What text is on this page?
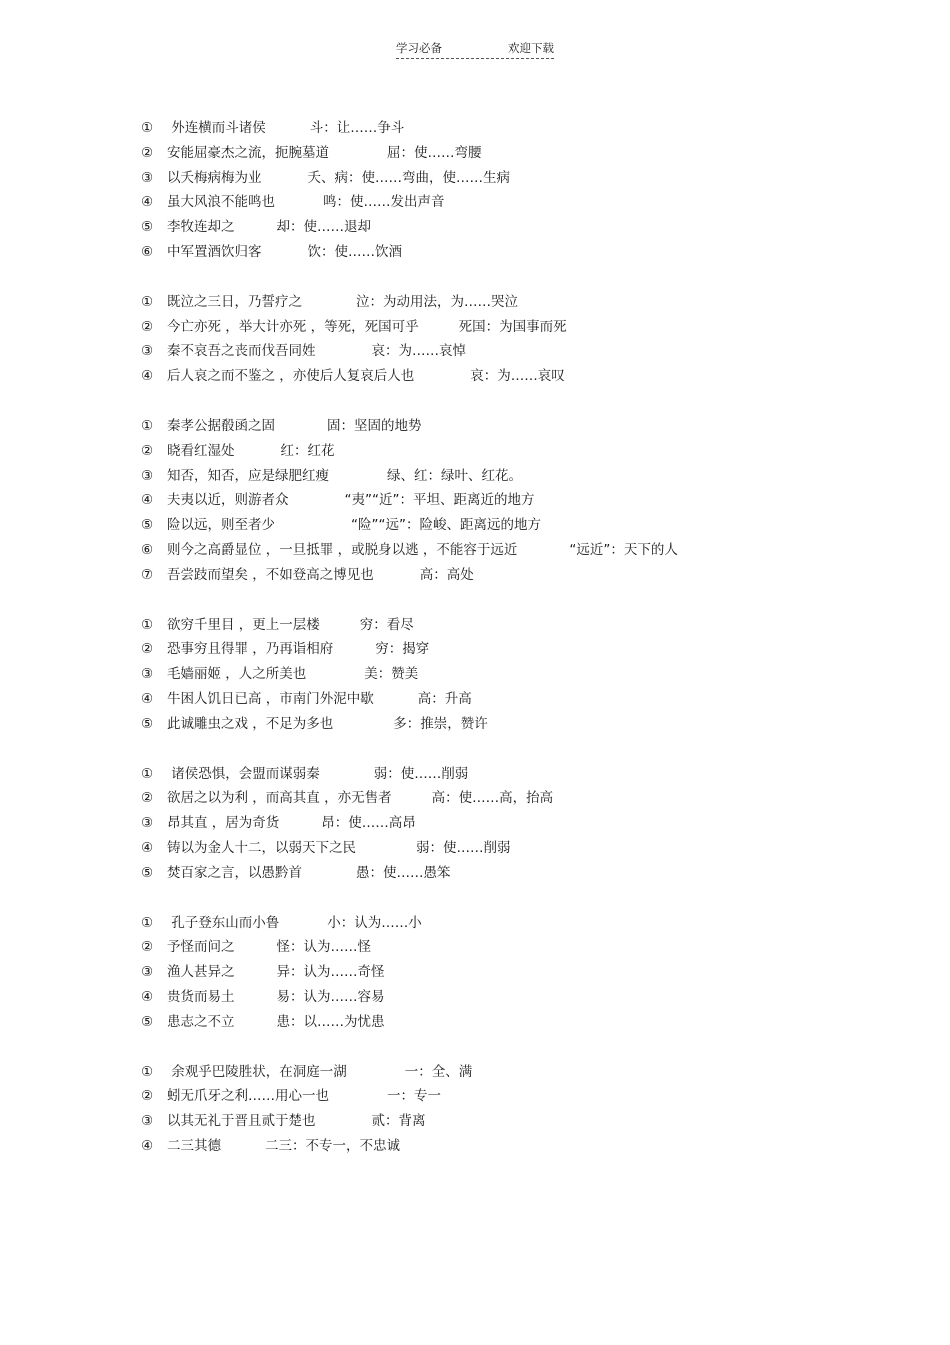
学习必备	欢迎下载
①	外连横而斗诸侯	斗：让……争斗
②	安能屈豪杰之流，扼腕墓道	屈：使……弯腰
③	以夭梅病梅为业	夭、病：使……弯曲，使……生病
④	虽大风浪不能鸣也	鸣：使……发出声音
⑤	李牧连却之	却：使……退却
⑥	中军置酒饮归客	饮：使……饮酒
①	既泣之三日，乃誓疗之	泣：为动用法，为……哭泣
②	今亡亦死 ，举大计亦死 ，等死，死国可乎	死国：为国事而死
③	秦不哀吾之丧而伐吾同姓	哀：为……哀悼
④	后人哀之而不鉴之 ，亦使后人复哀后人也	哀：为……哀叹
①	秦孝公据殽函之固	固：坚固的地势
②	晓看红湿处	红：红花
③	知否，知否，应是绿肥红瘦	绿、红：绿叶、红花。
④	夫夷以近，则游者众	“夷”“近”：平坦、距离近的地方
⑤	险以远，则至者少	“险”“远”：险峻、距离远的地方
⑥	则今之高爵显位 ，一旦抵罪 ，或脱身以逃 ，不能容于远近	“远近”：天下的人
⑦	吾尝跂而望矣 ，不如登高之博见也	高：高处
①	欲穷千里目 ，更上一层楼	穷：看尽
②	恐事穷且得罪 ，乃再诣相府	穷：揭穿
③	毛嫱丽姬 ，人之所美也	美：赞美
④	牛困人饥日已高 ，市南门外泥中歇	高：升高
⑤	此诚雕虫之戏 ，不足为多也	多：推崇，赞许
①	诸侯恐惧，会盟而谋弱秦	弱：使……削弱
②	欲居之以为利 ，而高其直 ，亦无售者	高：使……高，抬高
③	昂其直 ，居为奇货	昂：使……高昂
④	铸以为金人十二，以弱天下之民	弱：使……削弱
⑤	焚百家之言，以愚黔首	愚：使……愚笨
①	孔子登东山而小鲁	小：认为……小
②	予怪而问之	怪：认为……怪
③	渔人甚异之	异：认为……奇怪
④	贵货而易土	易：认为……容易
⑤	患志之不立	患：以……为忧患
①	余观乎巴陵胜状，在洞庭一湖	一：全、满
②	蚓无爪牙之利……用心一也	一：专一
③	以其无礼于晋且贰于楚也	贰：背离
④	二三其德	二三：不专一，不忠诚
